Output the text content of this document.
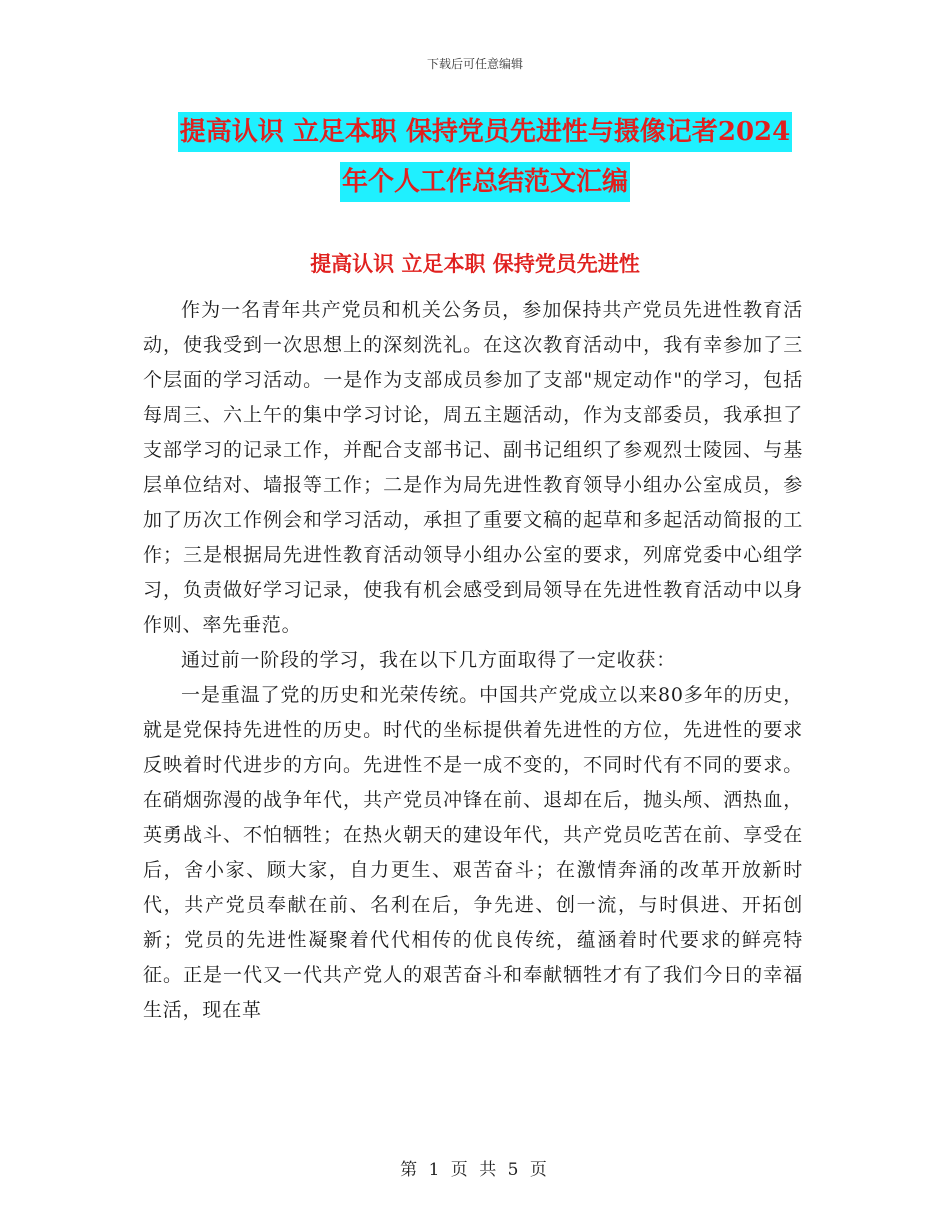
下载后可任意编辑
提高认识 立足本职 保持党员先进性与摄像记者2024
年个人工作总结范文汇编
提高认识 立足本职 保持党员先进性

作为一名青年共产党员和机关公务员，参加保持共产党员先进性教育活动，使我受到一次思想上的深刻洗礼。在这次教育活动中，我有幸参加了三个层面的学习活动。一是作为支部成员参加了支部"规定动作"的学习，包括每周三、六上午的集中学习讨论，周五主题活动，作为支部委员，我承担了支部学习的记录工作，并配合支部书记、副书记组织了参观烈士陵园、与基层单位结对、墙报等工作；二是作为局先进性教育领导小组办公室成员，参加了历次工作例会和学习活动，承担了重要文稿的起草和多起活动简报的工作；三是根据局先进性教育活动领导小组办公室的要求，列席党委中心组学习，负责做好学习记录，使我有机会感受到局领导在先进性教育活动中以身作则、率先垂范。

通过前一阶段的学习，我在以下几方面取得了一定收获：

一是重温了党的历史和光荣传统。中国共产党成立以来80多年的历史，就是党保持先进性的历史。时代的坐标提供着先进性的方位，先进性的要求反映着时代进步的方向。先进性不是一成不变的，不同时代有不同的要求。在硝烟弥漫的战争年代，共产党员冲锋在前、退却在后，抛头颅、洒热血，英勇战斗、不怕牺牲；在热火朝天的建设年代，共产党员吃苦在前、享受在后，舍小家、顾大家，自力更生、艰苦奋斗；在激情奔涌的改革开放新时代，共产党员奉献在前、名利在后，争先进、创一流，与时俱进、开拓创新；党员的先进性凝聚着代代相传的优良传统，蕴涵着时代要求的鲜亮特征。正是一代又一代共产党人的艰苦奋斗和奉献牺牲才有了我们今日的幸福生活，现在革

第 1 页 共 5 页
